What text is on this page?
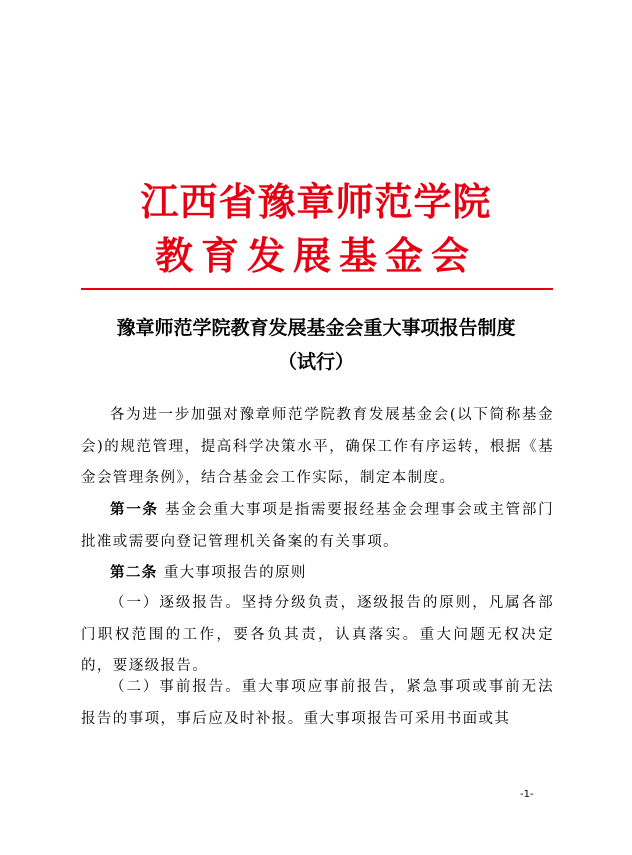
江西省豫章师范学院
教育发展基金会
豫章师范学院教育发展基金会重大事项报告制度
（试行）

各为进一步加强对豫章师范学院教育发展基金会(以下简称基金会)的规范管理，提高科学决策水平，确保工作有序运转，根据《基金会管理条例》，结合基金会工作实际，制定本制度。

第一条 基金会重大事项是指需要报经基金会理事会或主管部门批准或需要向登记管理机关备案的有关事项。

第二条 重大事项报告的原则

（一）逐级报告。坚持分级负责，逐级报告的原则，凡属各部门职权范围的工作，要各负其责，认真落实。重大问题无权决定的，要逐级报告。

（二）事前报告。重大事项应事前报告，紧急事项或事前无法报告的事项，事后应及时补报。重大事项报告可采用书面或其

-1-
